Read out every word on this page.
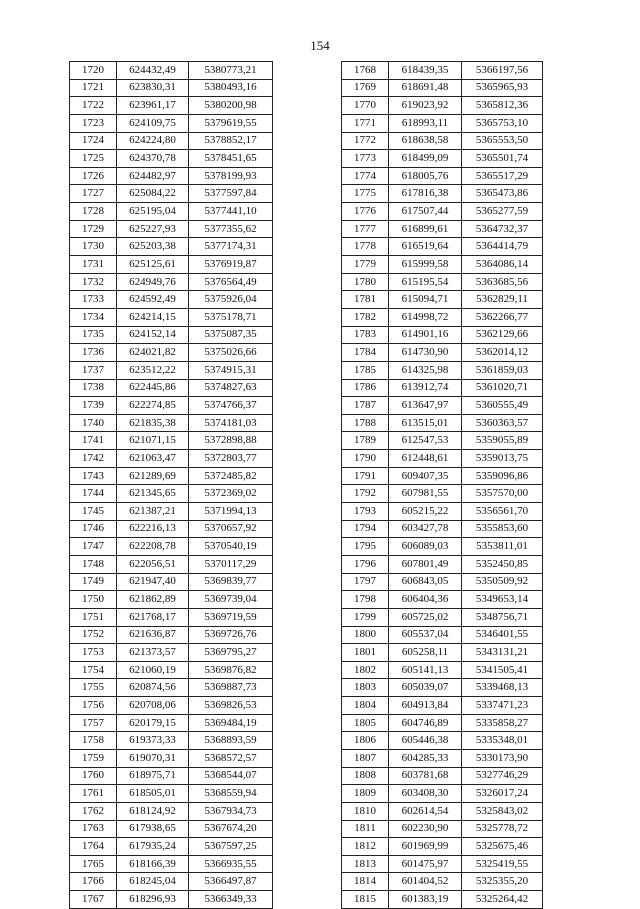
154
1720	624432,49	5380773,21
1721	623830,31	5380493,16
1722	623961,17	5380200,98
1723	624109,75	5379619,55
1724	624224,80	5378852,17
1725	624370,78	5378451,65
1726	624482,97	5378199,93
1727	625084,22	5377597,84
1728	625195,04	5377441,10
1729	625227,93	5377355,62
1730	625203,38	5377174,31
1731	625125,61	5376919,87
1732	624949,76	5376564,49
1733	624592,49	5375926,04
1734	624214,15	5375178,71
1735	624152,14	5375087,35
1736	624021,82	5375026,66
1737	623512,22	5374915,31
1738	622445,86	5374827,63
1739	622274,85	5374766,37
1740	621835,38	5374181,03
1741	621071,15	5372898,88
1742	621063,47	5372803,77
1743	621289,69	5372485,82
1744	621345,65	5372369,02
1745	621387,21	5371994,13
1746	622216,13	5370657,92
1747	622208,78	5370540,19
1748	622056,51	5370117,29
1749	621947,40	5369839,77
1750	621862,89	5369739,04
1751	621768,17	5369719,59
1752	621636,87	5369726,76
1753	621373,57	5369795,27
1754	621060,19	5369876,82
1755	620874,56	5369887,73
1756	620708,06	5369826,53
1757	620179,15	5369484,19
1758	619373,33	5368893,59
1759	619070,31	5368572,57
1760	618975,71	5368544,07
1761	618505,01	5368559,94
1762	618124,92	5367934,73
1763	617938,65	5367674,20
1764	617935,24	5367597,25
1765	618166,39	5366935,55
1766	618245,04	5366497,87
1767	618296,93	5366349,33
1768	618439,35	5366197,56
1769	618691,48	5365965,93
1770	619023,92	5365812,36
1771	618993,11	5365753,10
1772	618638,58	5365553,50
1773	618499,09	5365501,74
1774	618005,76	5365517,29
1775	617816,38	5365473,86
1776	617507,44	5365277,59
1777	616899,61	5364732,37
1778	616519,64	5364414,79
1779	615999,58	5364086,14
1780	615195,54	5363685,56
1781	615094,71	5362829,11
1782	614998,72	5362266,77
1783	614901,16	5362129,66
1784	614730,90	5362014,12
1785	614325,98	5361859,03
1786	613912,74	5361020,71
1787	613647,97	5360555,49
1788	613515,01	5360363,57
1789	612547,53	5359055,89
1790	612448,61	5359013,75
1791	609407,35	5359096,86
1792	607981,55	5357570,00
1793	605215,22	5356561,70
1794	603427,78	5355853,60
1795	606089,03	5353811,01
1796	607801,49	5352450,85
1797	606843,05	5350509,92
1798	606404,36	5349653,14
1799	605725,02	5348756,71
1800	605537,04	5346401,55
1801	605258,11	5343131,21
1802	605141,13	5341505,41
1803	605039,07	5339468,13
1804	604913,84	5337471,23
1805	604746,89	5335858,27
1806	605446,38	5335348,01
1807	604285,33	5330173,90
1808	603781,68	5327746,29
1809	603408,30	5326017,24
1810	602614,54	5325843,02
1811	602230,90	5325778,72
1812	601969,99	5325675,46
1813	601475,97	5325419,55
1814	601404,52	5325355,20
1815	601383,19	5325264,42
